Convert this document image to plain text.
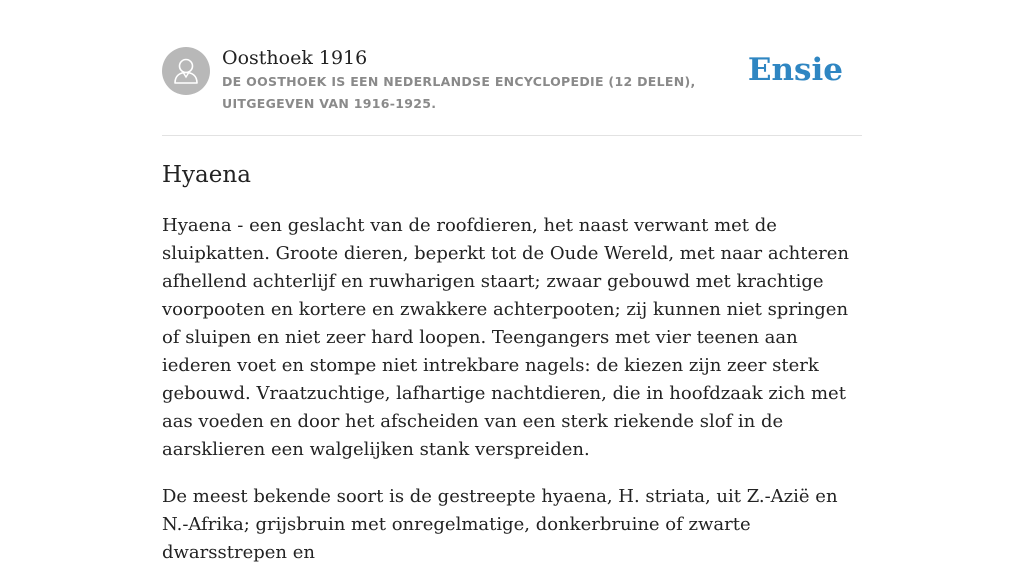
Oosthoek 1916

DE OOSTHOEK IS EEN NEDERLANDSE ENCYCLOPEDIE (12 DELEN), UITGEGEVEN VAN 1916-1925.

Ensie
Hyaena

Hyaena - een geslacht van de roofdieren, het naast verwant met de sluipkatten. Groote dieren, beperkt tot de Oude Wereld, met naar achteren afhellend achterlijf en ruwharigen staart; zwaar gebouwd met krachtige voorpooten en kortere en zwakkere achterpooten; zij kunnen niet springen of sluipen en niet zeer hard loopen. Teengangers met vier teenen aan iederen voet en stompe niet intrekbare nagels: de kiezen zijn zeer sterk gebouwd. Vraatzuchtige, lafhartige nachtdieren, die in hoofdzaak zich met aas voeden en door het afscheiden van een sterk riekende slof in de aarsklieren een walgelijken stank verspreiden.

De meest bekende soort is de gestreepte hyaena, H. striata, uit Z.-Azië en N.-Afrika; grijsbruin met onregelmatige, donkerbruine of zwarte dwarsstrepen en
